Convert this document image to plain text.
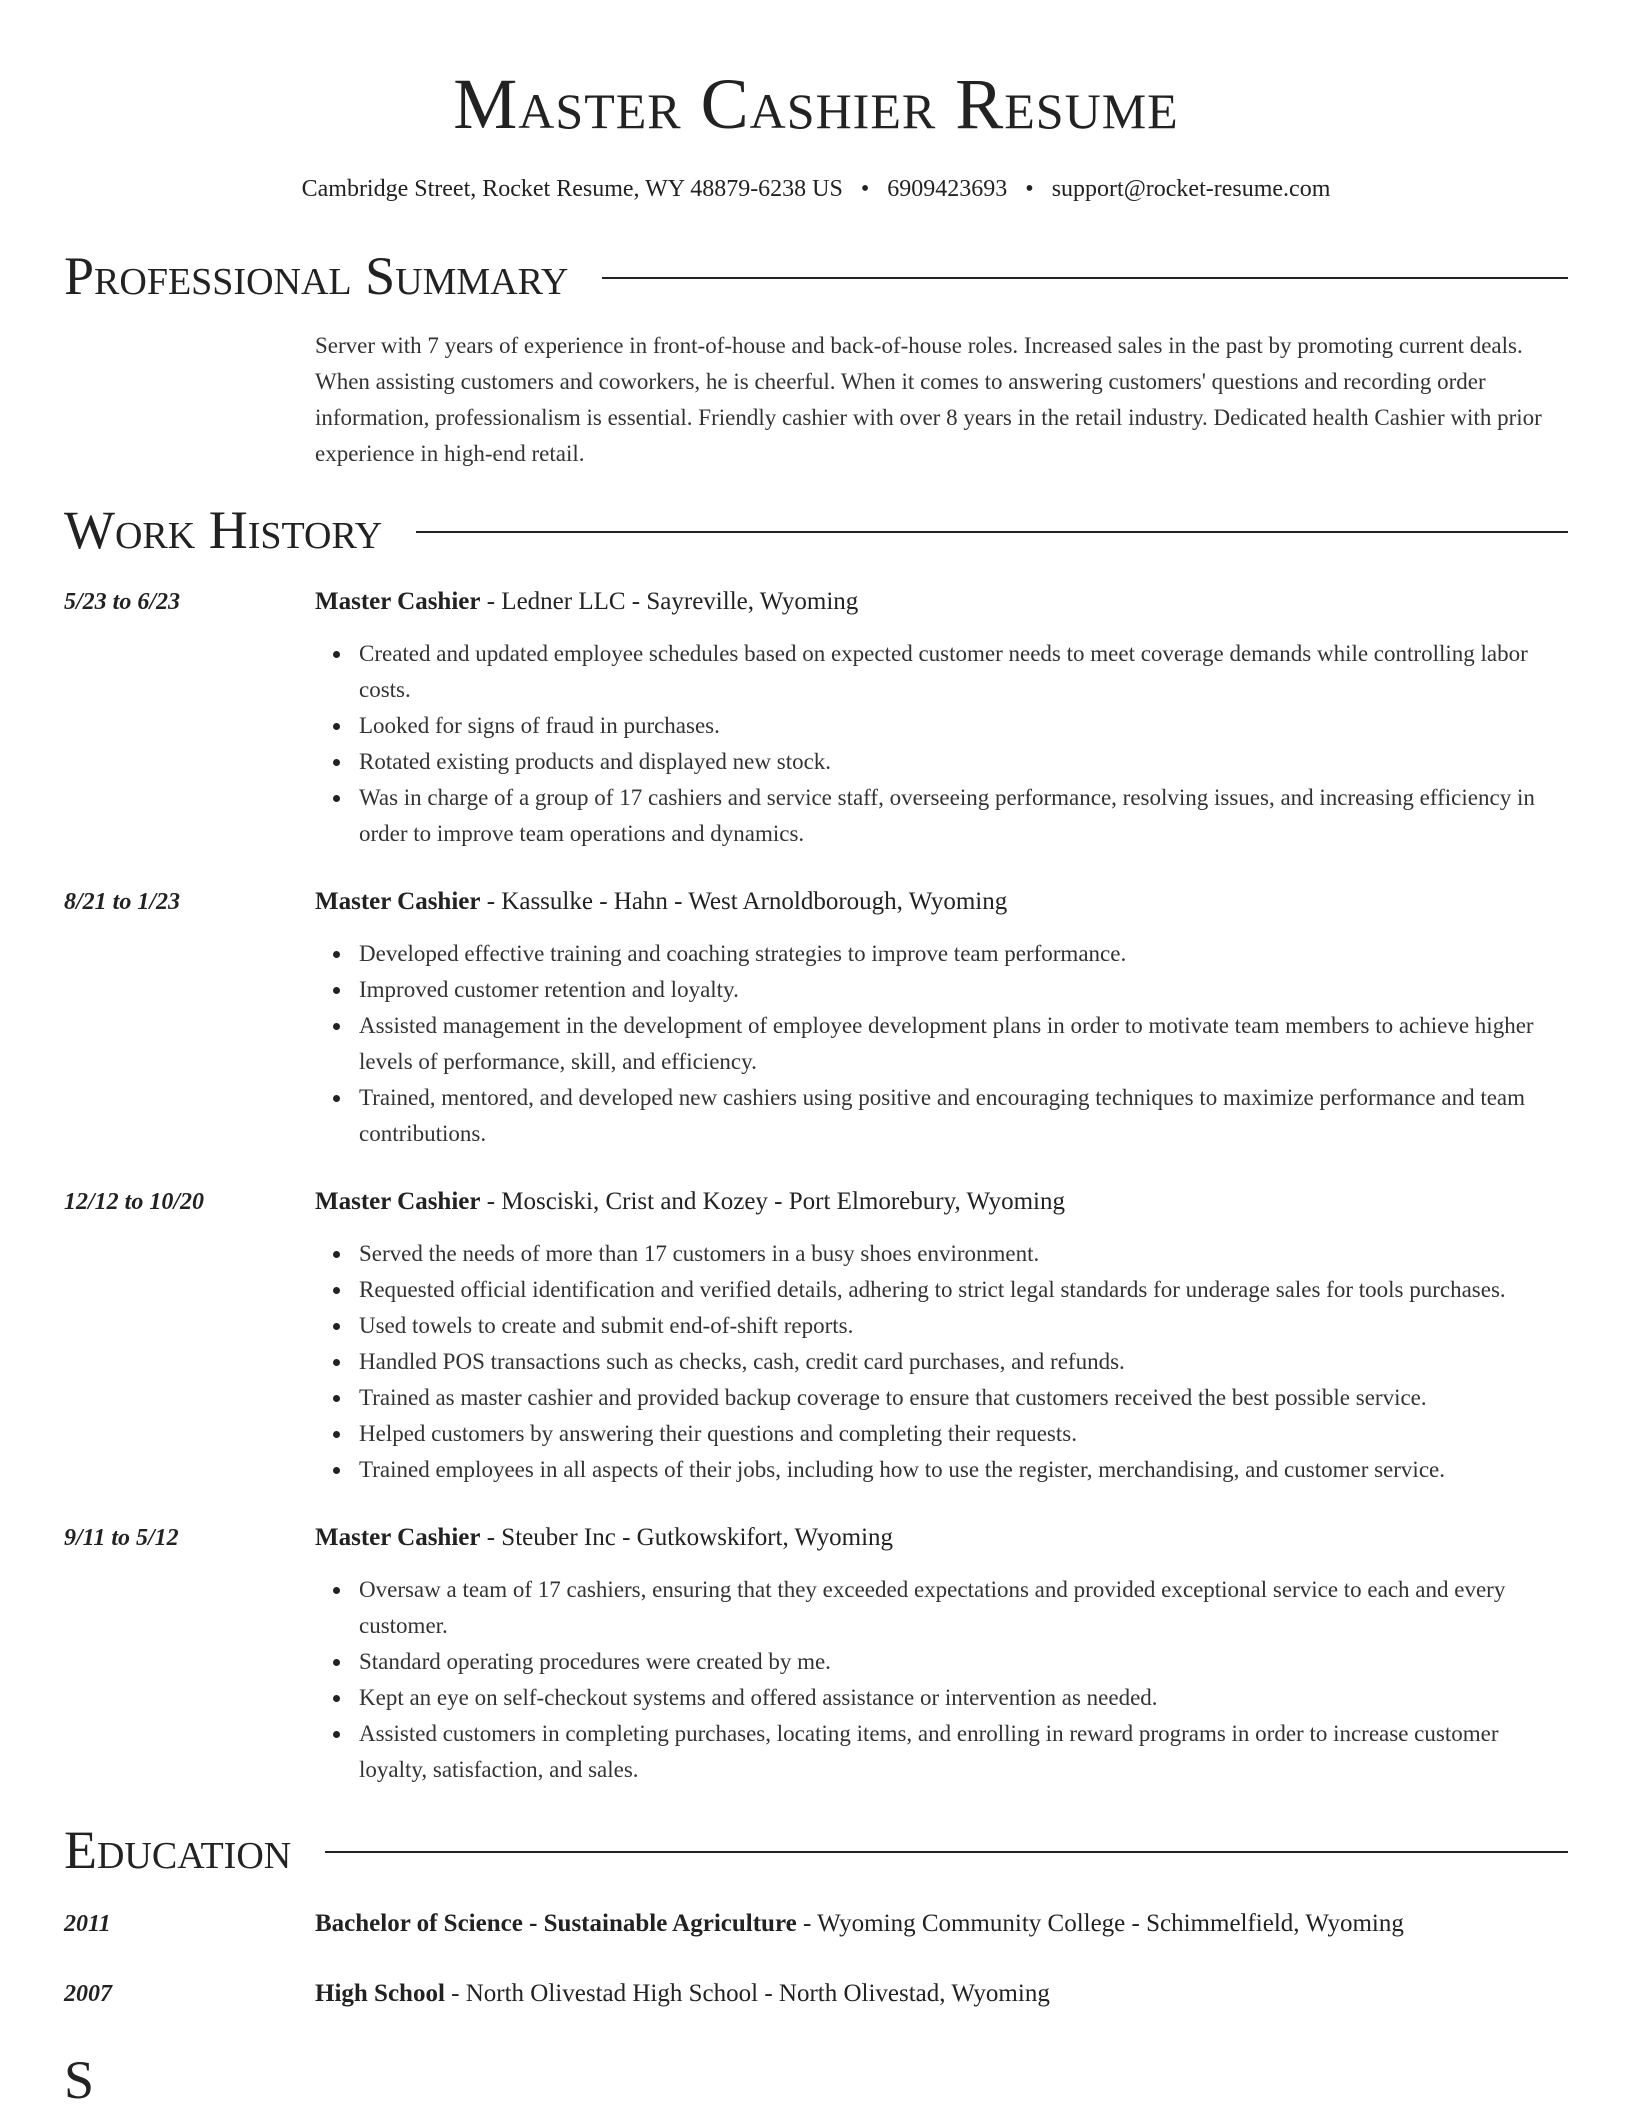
Master Cashier Resume
Cambridge Street, Rocket Resume, WY 48879-6238 US • 6909423693 • support@rocket-resume.com
Professional Summary

Server with 7 years of experience in front-of-house and back-of-house roles. Increased sales in the past by promoting current deals. When assisting customers and coworkers, he is cheerful. When it comes to answering customers' questions and recording order information, professionalism is essential. Friendly cashier with over 8 years in the retail industry. Dedicated health Cashier with prior experience in high-end retail.

Work History
5/23 to 6/23	Master Cashier - Ledner LLC - Sayreville, Wyoming
Created and updated employee schedules based on expected customer needs to meet coverage demands while controlling labor costs.
Looked for signs of fraud in purchases.
Rotated existing products and displayed new stock.
Was in charge of a group of 17 cashiers and service staff, overseeing performance, resolving issues, and increasing efficiency in order to improve team operations and dynamics.
8/21 to 1/23	Master Cashier - Kassulke - Hahn - West Arnoldborough, Wyoming
Developed effective training and coaching strategies to improve team performance.
Improved customer retention and loyalty.
Assisted management in the development of employee development plans in order to motivate team members to achieve higher levels of performance, skill, and efficiency.
Trained, mentored, and developed new cashiers using positive and encouraging techniques to maximize performance and team contributions.
12/12 to 10/20	Master Cashier - Mosciski, Crist and Kozey - Port Elmorebury, Wyoming
Served the needs of more than 17 customers in a busy shoes environment.
Requested official identification and verified details, adhering to strict legal standards for underage sales for tools purchases.
Used towels to create and submit end-of-shift reports.
Handled POS transactions such as checks, cash, credit card purchases, and refunds.
Trained as master cashier and provided backup coverage to ensure that customers received the best possible service.
Helped customers by answering their questions and completing their requests.
Trained employees in all aspects of their jobs, including how to use the register, merchandising, and customer service.
9/11 to 5/12	Master Cashier - Steuber Inc - Gutkowskifort, Wyoming
Oversaw a team of 17 cashiers, ensuring that they exceeded expectations and provided exceptional service to each and every customer.
Standard operating procedures were created by me.
Kept an eye on self-checkout systems and offered assistance or intervention as needed.
Assisted customers in completing purchases, locating items, and enrolling in reward programs in order to increase customer loyalty, satisfaction, and sales.
Education
2011	Bachelor of Science - Sustainable Agriculture - Wyoming Community College - Schimmelfield, Wyoming
2007	High School - North Olivestad High School - North Olivestad, Wyoming
S
